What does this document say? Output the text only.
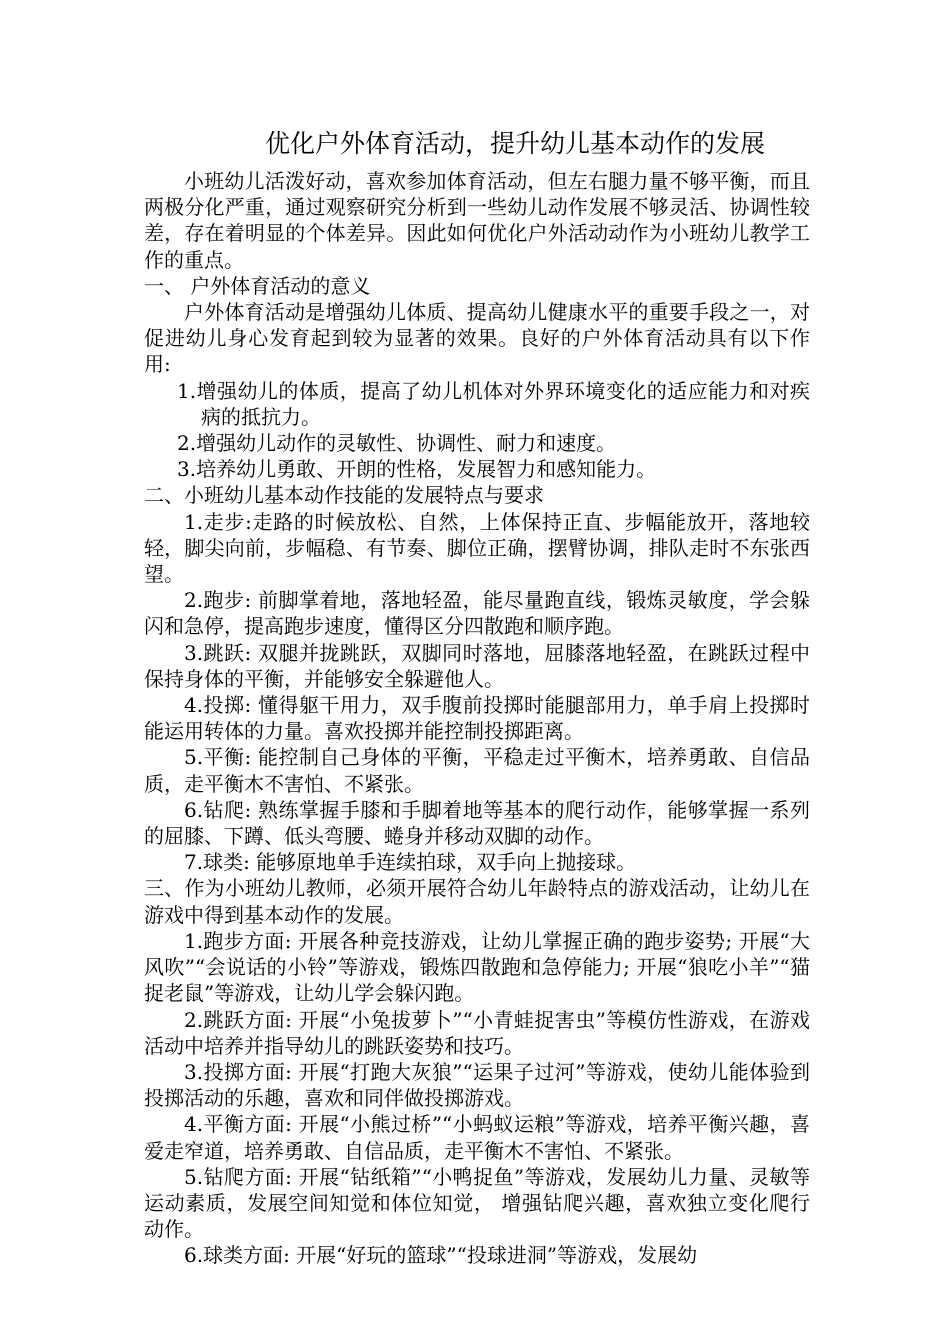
优化户外体育活动，提升幼儿基本动作的发展

小班幼儿活泼好动，喜欢参加体育活动，但左右腿力量不够平衡，而且两极分化严重，通过观察研究分析到一些幼儿动作发展不够灵活、协调性较差，存在着明显的个体差异。因此如何优化户外活动动作为小班幼儿教学工作的重点。

一、 户外体育活动的意义

户外体育活动是增强幼儿体质、提高幼儿健康水平的重要手段之一，对促进幼儿身心发育起到较为显著的效果。良好的户外体育活动具有以下作用:

1.增强幼儿的体质，提高了幼儿机体对外界环境变化的适应能力和对疾病的抵抗力。

2.增强幼儿动作的灵敏性、协调性、耐力和速度。

3.培养幼儿勇敢、开朗的性格，发展智力和感知能力。

二、小班幼儿基本动作技能的发展特点与要求

1.走步:走路的时候放松、自然，上体保持正直、步幅能放开，落地较轻，脚尖向前，步幅稳、有节奏、脚位正确，摆臂协调，排队走时不东张西望。

2.跑步: 前脚掌着地，落地轻盈，能尽量跑直线，锻炼灵敏度，学会躲闪和急停，提高跑步速度，懂得区分四散跑和顺序跑。

3.跳跃: 双腿并拢跳跃，双脚同时落地，屈膝落地轻盈，在跳跃过程中保持身体的平衡，并能够安全躲避他人。

4.投掷: 懂得躯干用力，双手腹前投掷时能腿部用力，单手肩上投掷时能运用转体的力量。喜欢投掷并能控制投掷距离。

5.平衡: 能控制自己身体的平衡，平稳走过平衡木，培养勇敢、自信品质，走平衡木不害怕、不紧张。

6.钻爬: 熟练掌握手膝和手脚着地等基本的爬行动作，能够掌握一系列的屈膝、下蹲、低头弯腰、蜷身并移动双脚的动作。

7.球类: 能够原地单手连续拍球，双手向上抛接球。

三、作为小班幼儿教师，必须开展符合幼儿年龄特点的游戏活动，让幼儿在游戏中得到基本动作的发展。

1.跑步方面: 开展各种竞技游戏，让幼儿掌握正确的跑步姿势; 开展“大风吹”“会说话的小铃”等游戏，锻炼四散跑和急停能力; 开展“狼吃小羊”“猫捉老鼠”等游戏，让幼儿学会躲闪跑。

2.跳跃方面: 开展“小兔拔萝卜”“小青蛙捉害虫”等模仿性游戏，在游戏活动中培养并指导幼儿的跳跃姿势和技巧。

3.投掷方面: 开展“打跑大灰狼”“运果子过河”等游戏，使幼儿能体验到投掷活动的乐趣，喜欢和同伴做投掷游戏。

4.平衡方面: 开展“小熊过桥”“小蚂蚁运粮”等游戏，培养平衡兴趣，喜爱走窄道，培养勇敢、自信品质，走平衡木不害怕、不紧张。

5.钻爬方面: 开展“钻纸箱”“小鸭捉鱼”等游戏，发展幼儿力量、灵敏等运动素质，发展空间知觉和体位知觉， 增强钻爬兴趣，喜欢独立变化爬行动作。

6.球类方面: 开展“好玩的篮球”“投球进洞”等游戏，发展幼
